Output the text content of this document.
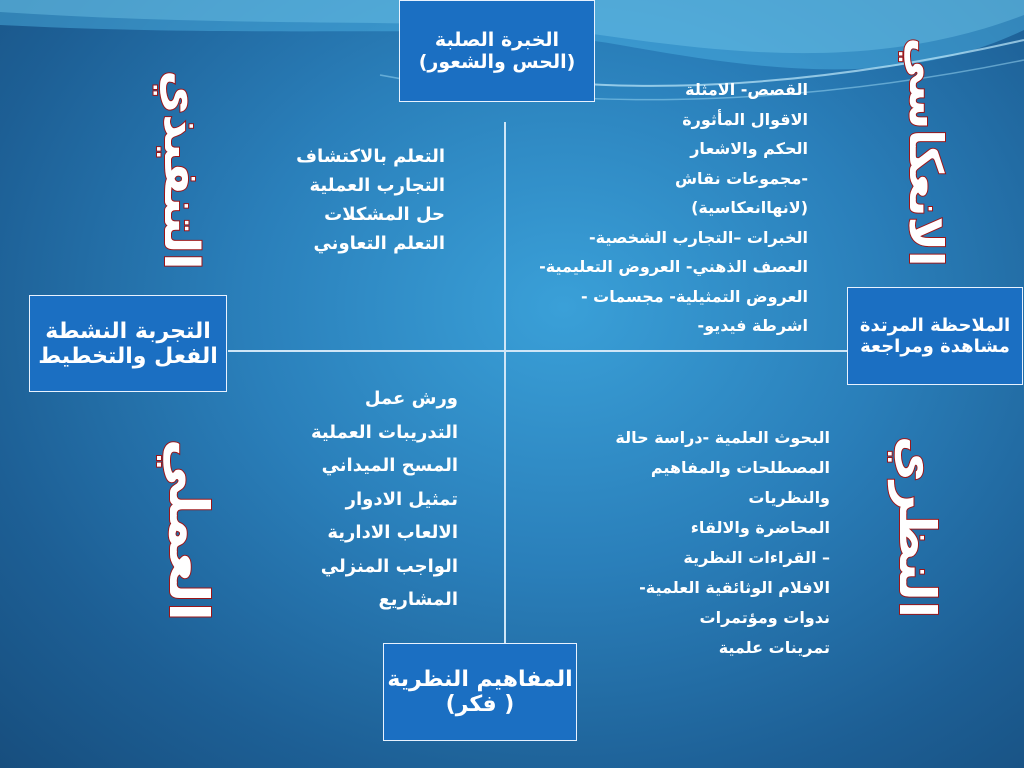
الخبرة الصلبة
(الحس والشعور)
التجربة النشطة
الفعل والتخطيط
الملاحظة المرتدة
مشاهدة ومراجعة
المفاهيم النظرية
( فكر)
التعلم بالاكتشاف
التجارب العملية
حل المشكلات
التعلم التعاوني
القصص- الامثلة
الاقوال المأثورة
الحكم والاشعار
-مجموعات نقاش
(لانهاانعكاسية)
الخبرات –التجارب الشخصية-
العصف الذهني- العروض التعليمية-
العروض التمثيلية- مجسمات -
اشرطة فيديو-
ورش عمل
التدريبات العملية
المسح الميداني
تمثيل الادوار
الالعاب الادارية
الواجب المنزلي
المشاريع
البحوث العلمية -دراسة حالة
المصطلحات والمفاهيم
والنظريات
المحاضرة والالقاء
– القراءات النظرية
الافلام الوثائقية العلمية-
ندوات ومؤتمرات
تمرينات علمية
التنفيذي	الانعكاسي
العملي	النظري
